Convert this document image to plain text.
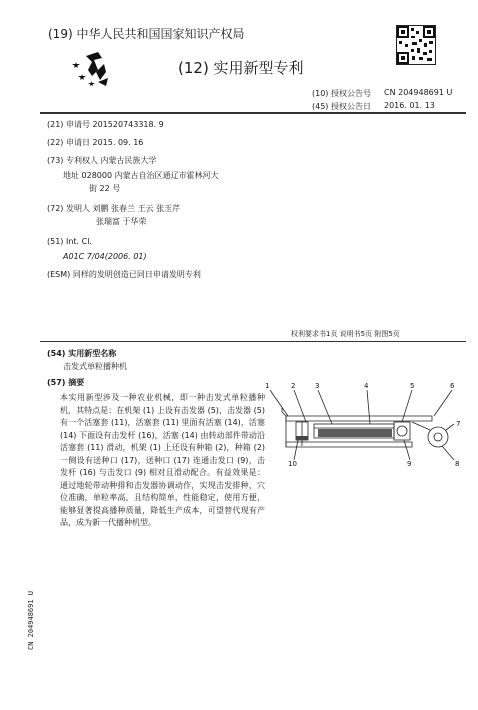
(19) 中华人民共和国国家知识产权局
(12) 实用新型专利
(10) 授权公告号 CN 204948691 U
(45) 授权公告日 2016. 01. 13
(21) 申请号 201520743318. 9
(22) 申请日 2015. 09. 16
(73) 专利权人 内蒙古民族大学
地址 028000 内蒙古自治区通辽市霍林河大
街 22 号
(72) 发明人 刘鹏 张春兰 王云 张玉芹
张瑞富 于华荣
(51) Int. Cl.
A01C 7/04(2006. 01)
(ESM) 同样的发明创造已同日申请发明专利
权利要求书1页 说明书5页 附图5页
(54) 实用新型名称
击发式单粒播种机
(57) 摘要
本实用新型涉及一种农业机械，即一种击发式单粒播种机，其特点是：在机架 (1) 上设有击发器 (5)，击发器 (5) 有一个活塞套 (11)，活塞套 (11) 里面有活塞 (14)，活塞 (14) 下面设有击发杆 (16)，活塞 (14) 由转动部件带动沿活塞套 (11) 滑动，机架 (1) 上还设有种箱 (2)，种箱 (2) 一侧设有送种口 (17)，送种口 (17) 连通击发口 (9)，击发杆 (16) 与击发口 (9) 相对且滑动配合。有益效果是：通过地轮带动种排和击发器协调动作，实现击发排种，穴位准确，单粒率高，且结构简单，性能稳定，使用方便，能够显著提高播种质量，降低生产成本，可望替代现有产品，成为新一代播种机型。
1	2	3	4	5	6
7
8
9
10
CN 204948691 U
